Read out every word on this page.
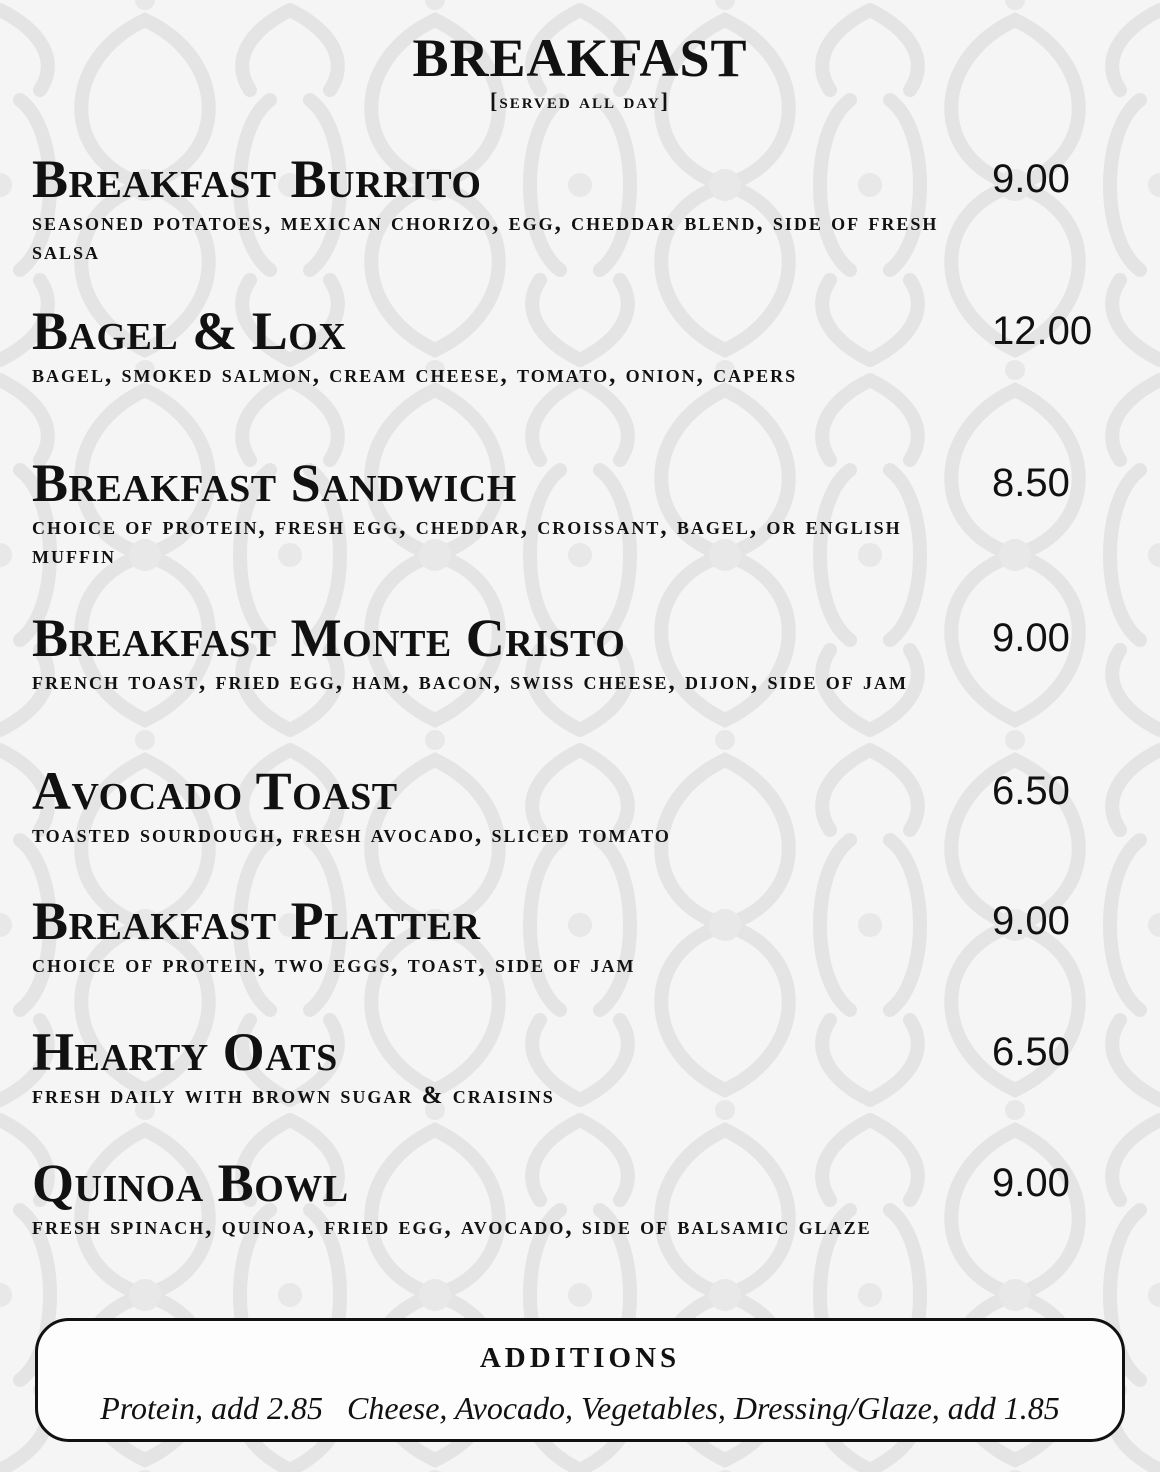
BREAKFAST
[served all day]
Breakfast Burrito
seasoned potatoes, mexican chorizo, egg, cheddar blend, side of fresh salsa
9.00
Bagel & Lox
bagel, smoked salmon, cream cheese, tomato, onion, capers
12.00
Breakfast Sandwich
choice of protein, fresh egg, cheddar, croissant, bagel, or english muffin
8.50
Breakfast Monte Cristo
french toast, fried egg, ham, bacon, swiss cheese, dijon, side of jam
9.00
Avocado Toast
toasted sourdough, fresh avocado, sliced tomato
6.50
Breakfast Platter
choice of protein, two eggs, toast, side of jam
9.00
Hearty Oats
fresh daily with brown sugar & craisins
6.50
Quinoa Bowl
fresh spinach, quinoa, fried egg, avocado, side of balsamic glaze
9.00
ADDITIONS
Protein, add 2.85 Cheese, Avocado, Vegetables, Dressing/Glaze, add 1.85
